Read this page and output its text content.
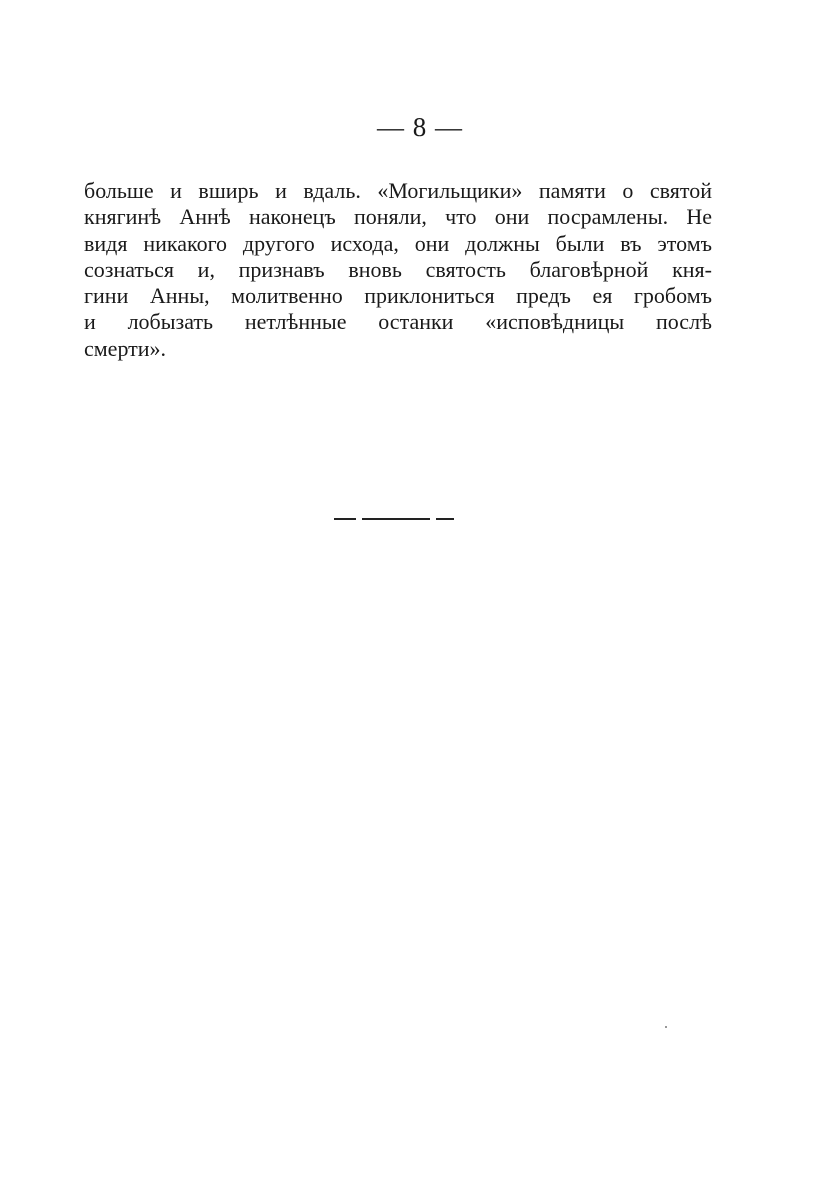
— 8 —
больше и вширь и вдаль. «Могильщики» памяти о святой
княгинѣ Аннѣ наконецъ поняли, что они посрамлены. Не
видя никакого другого исхода, они должны были въ этомъ
сознаться и, признавъ вновь святость благовѣрной кня-
гини Анны, молитвенно приклониться предъ ея гробомъ
и лобызать нетлѣнные останки «исповѣдницы послѣ
смерти».
